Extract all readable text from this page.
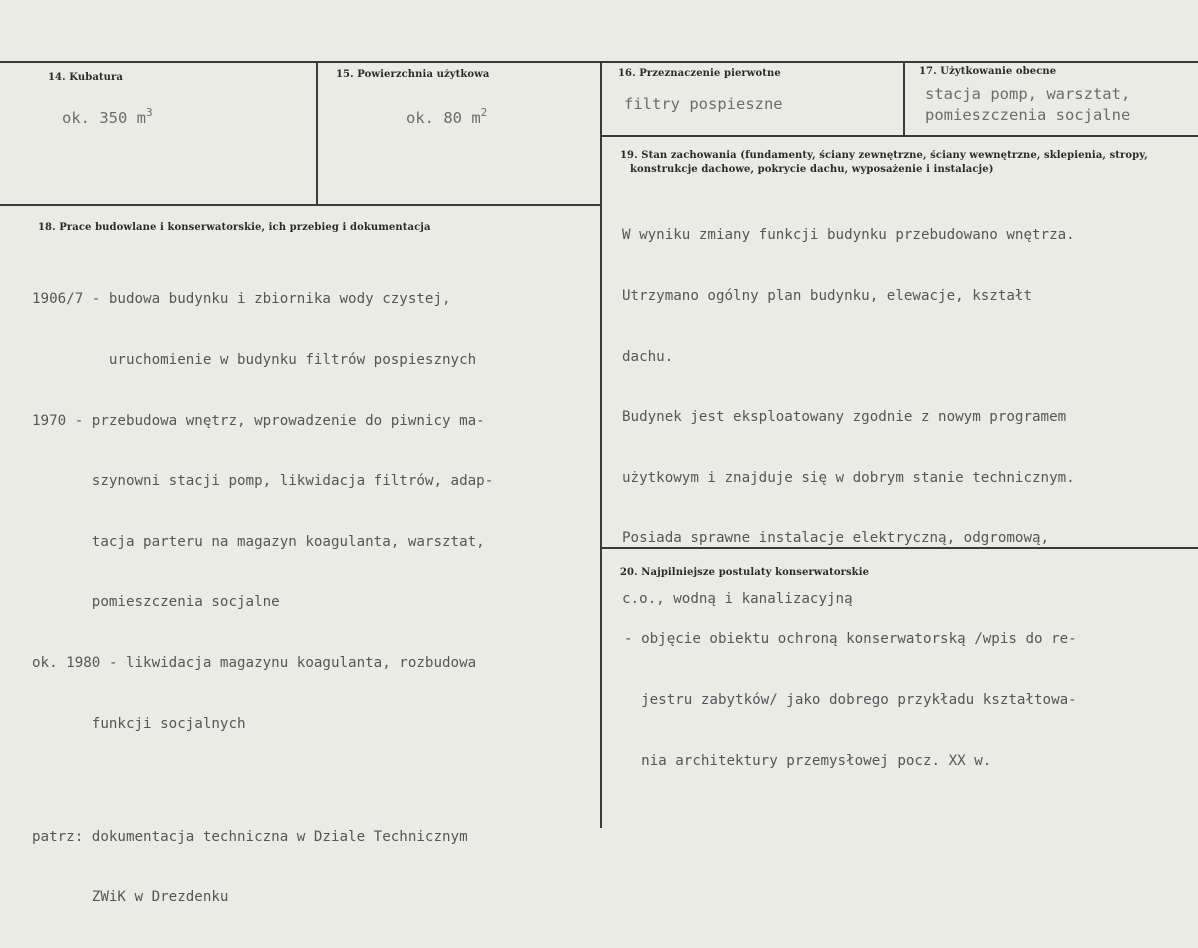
14. Kubatura
ok. 350 $m^3$
15. Powierzchnia użytkowa
ok. 80 $m^2$
16. Przeznaczenie pierwotne
filtry pospieszne
17. Użytkowanie obecne
stacja pomp, warsztat,
pomieszczenia socjalne
19. Stan zachowania (fundamenty, ściany zewnętrzne, ściany wewnętrzne, sklepienia, stropy,
konstrukcje dachowe, pokrycie dachu, wyposażenie i instalacje)

W wyniku zmiany funkcji budynku przebudowano wnętrza.

Utrzymano ogólny plan budynku, elewacje, kształt

dachu.

Budynek jest eksploatowany zgodnie z nowym programem

użytkowym i znajduje się w dobrym stanie technicznym.

Posiada sprawne instalacje elektryczną, odgromową,

c.o., wodną i kanalizacyjną

18. Prace budowlane i konserwatorskie, ich przebieg i dokumentacja

1906/7 - budowa budynku i zbiornika wody czystej,

uruchomienie w budynku filtrów pospiesznych

1970 - przebudowa wnętrz, wprowadzenie do piwnicy ma-

szynowni stacji pomp, likwidacja filtrów, adap-

tacja parteru na magazyn koagulanta, warsztat,

pomieszczenia socjalne

ok. 1980 - likwidacja magazynu koagulanta, rozbudowa

funkcji socjalnych

patrz: dokumentacja techniczna w Dziale Technicznym

ZWiK w Drezdenku

20. Najpilniejsze postulaty konserwatorskie

- objęcie obiektu ochroną konserwatorską /wpis do re-

jestru zabytków/ jako dobrego przykładu kształtowa-

nia architektury przemysłowej pocz. XX w.
